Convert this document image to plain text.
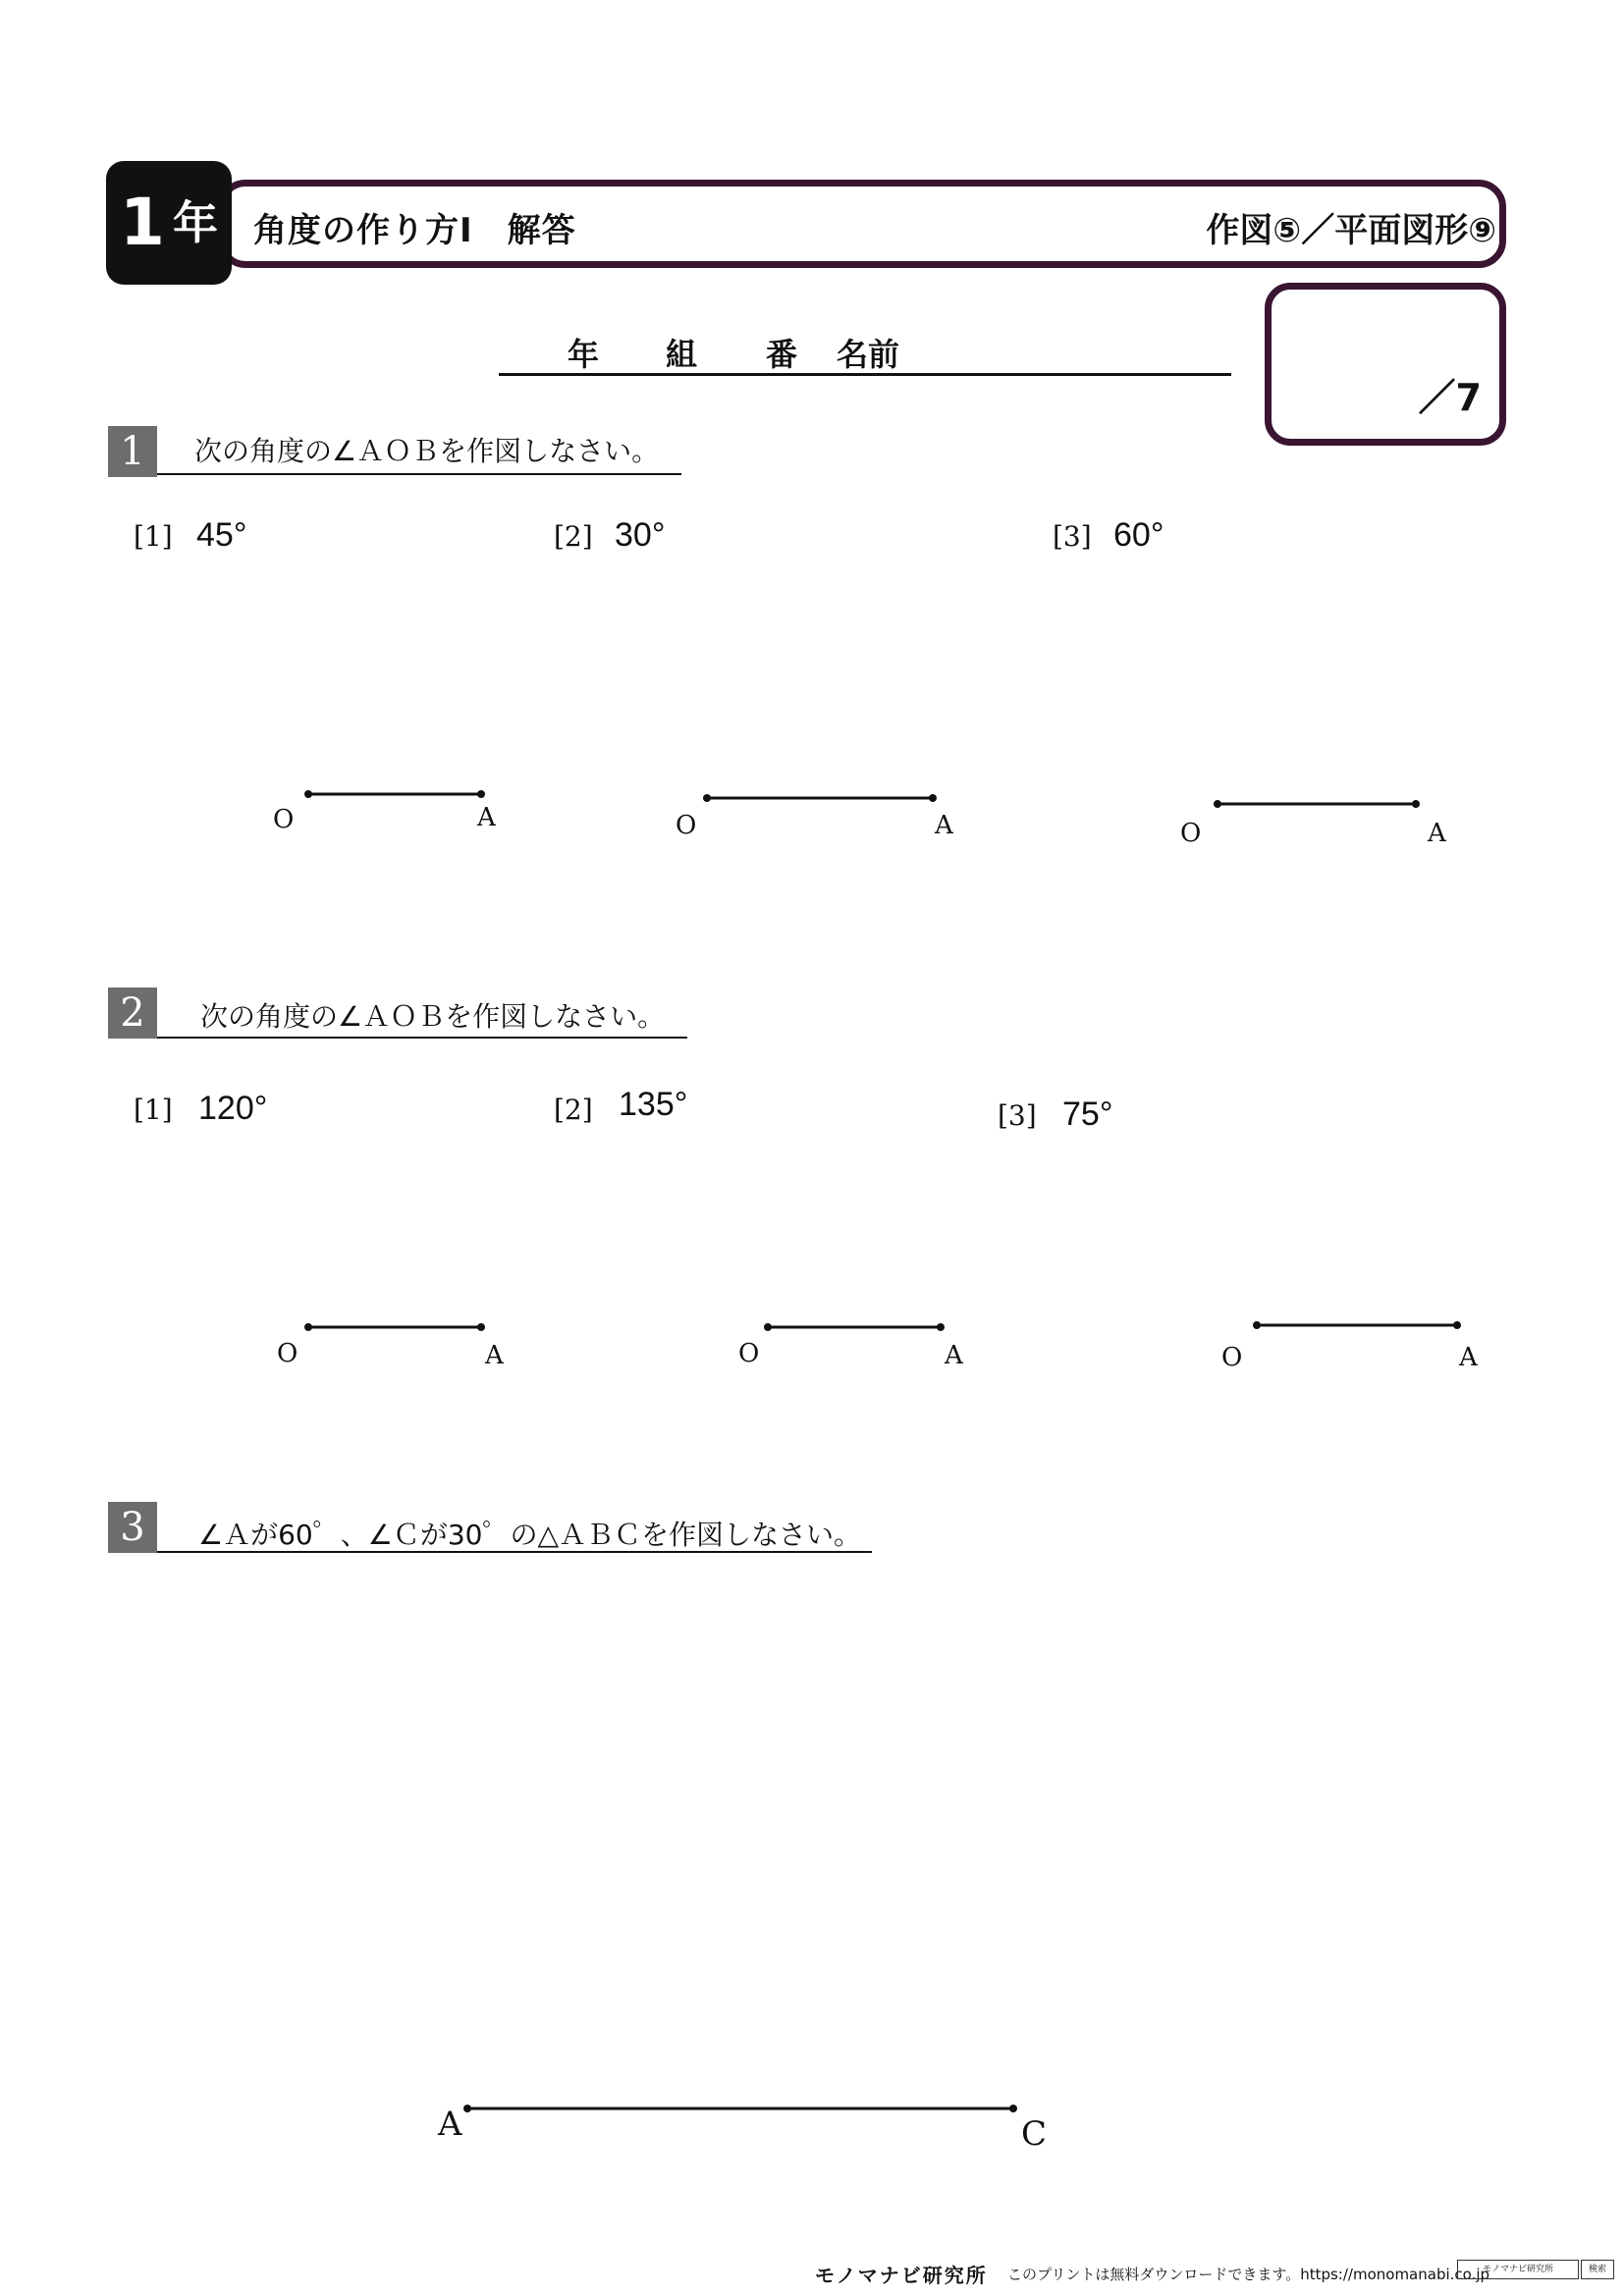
1 年 角度の作り方Ⅰ　解答	作図⑤／平面図形⑨
年 組 番 名前
／7
1	次の角度の∠ＡＯＢを作図しなさい。
[1] 45°	[2] 30°	[3] 60°
2	次の角度の∠ＡＯＢを作図しなさい。
[1] 120°	[2] 135°	[3] 75°
3	∠Ａが60゜、∠Ｃが30゜の△ＡＢＣを作図しなさい。
O	A	O	A	O	A
O	A	O	A	O	A
A	C
モノマナビ研究所 このプリントは無料ダウンロードできます。https://monomanabi.co.jp
モノマナビ研究所	検索
